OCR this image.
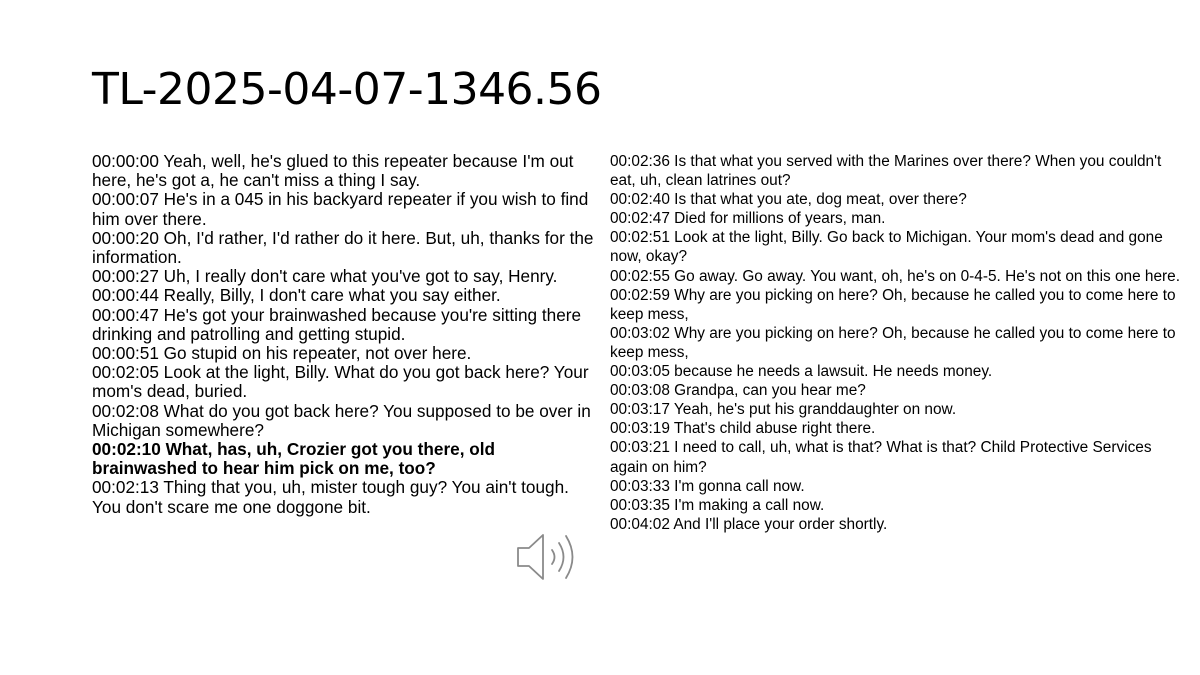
TL-2025-04-07-1346.56

00:00:00 Yeah, well, he's glued to this repeater because I'm out here, he's got a, he can't miss a thing I say.

00:00:07 He's in a 045 in his backyard repeater if you wish to find him over there.

00:00:20 Oh, I'd rather, I'd rather do it here. But, uh, thanks for the information.

00:00:27 Uh, I really don't care what you've got to say, Henry.

00:00:44 Really, Billy, I don't care what you say either.

00:00:47 He's got your brainwashed because you're sitting there drinking and patrolling and getting stupid.

00:00:51 Go stupid on his repeater, not over here.

00:02:05 Look at the light, Billy. What do you got back here? Your mom's dead, buried.

00:02:08 What do you got back here? You supposed to be over in Michigan somewhere?

00:02:10 What, has, uh, Crozier got you there, old brainwashed to hear him pick on me, too?

00:02:13 Thing that you, uh, mister tough guy? You ain't tough. You don't scare me one doggone bit.

00:02:36 Is that what you served with the Marines over there? When you couldn't eat, uh, clean latrines out?

00:02:40 Is that what you ate, dog meat, over there?

00:02:47 Died for millions of years, man.

00:02:51 Look at the light, Billy. Go back to Michigan. Your mom's dead and gone now, okay?

00:02:55 Go away. Go away. You want, oh, he's on 0-4-5. He's not on this one here.

00:02:59 Why are you picking on here? Oh, because he called you to come here to keep mess,

00:03:02 Why are you picking on here? Oh, because he called you to come here to keep mess,

00:03:05 because he needs a lawsuit. He needs money.

00:03:08 Grandpa, can you hear me?

00:03:17 Yeah, he's put his granddaughter on now.

00:03:19 That's child abuse right there.

00:03:21 I need to call, uh, what is that? What is that? Child Protective Services again on him?

00:03:33 I'm gonna call now.

00:03:35 I'm making a call now.

00:04:02 And I'll place your order shortly.
